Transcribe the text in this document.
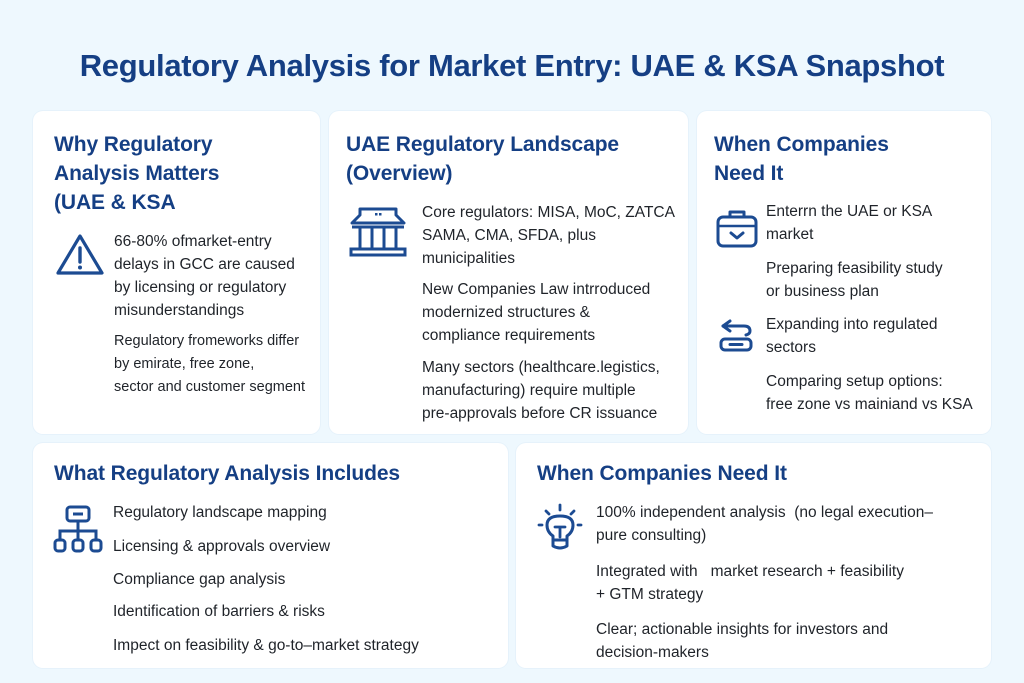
Regulatory Analysis for Market Entry: UAE & KSA Snapshot
Why Regulatory
Analysis Matters
(UAE & KSA
66-80% ofmarket-entry
delays in GCC are caused
by licensing or regulatory
misunderstandings
Regulatory fromeworks differ
by emirate, free zone,
sector and customer segment
UAE Regulatory Landscape
(Overview)
Core regulators: MISA, MoC, ZATCA
SAMA, CMA, SFDA, plus
municipalities
New Companies Law intrroduced
modernized structures &
compliance requirements
Many sectors (healthcare.legistics,
manufacturing) require multiple
pre-approvals before CR issuance
When Companies
Need It
Enterrn the UAE or KSA
market
Preparing feasibility study
or business plan
Expanding into regulated
sectors
Comparing setup options:
free zone vs mainiand vs KSA
What Regulatory Analysis Includes
Regulatory landscape mapping
Licensing & approvals overview
Compliance gap analysis
Identification of barriers & risks
Impect on feasibility & go-to–market strategy
When Companies Need It
100% independent analysis  (no legal execution–
pure consulting)
Integrated with   market research + feasibility
+ GTM strategy
Clear; actionable insights for investors and
decision-makers
